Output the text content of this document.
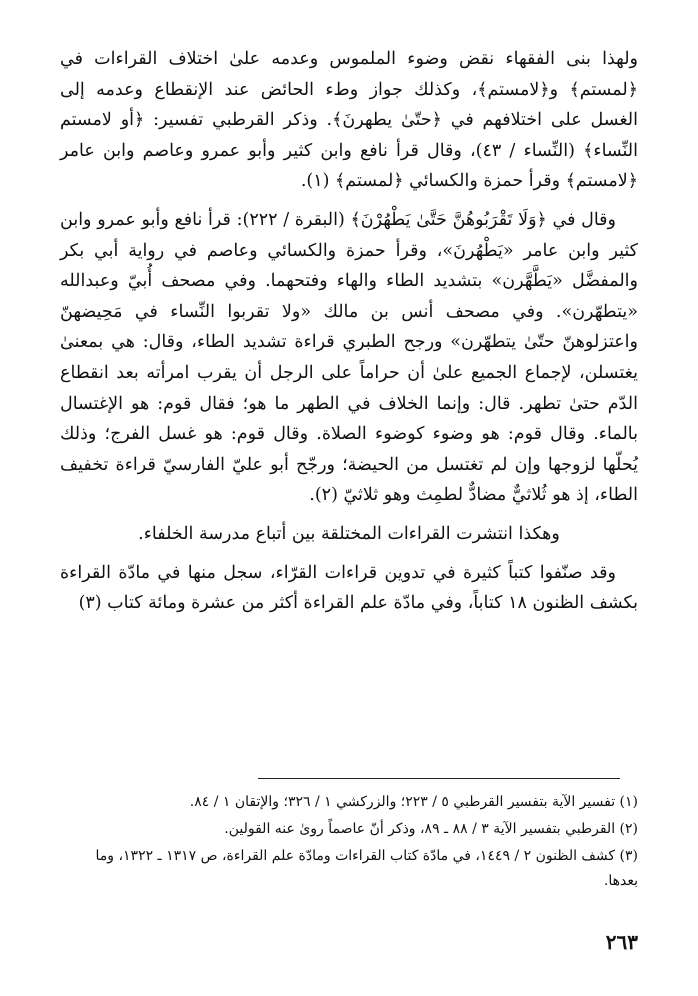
ولهذا بنى الفقهاء نقض وضوء الملموس وعدمه علىٰ اختلاف القراءات في ﴿لمستم﴾ و﴿لامستم﴾، وكذلك جواز وطء الحائض عند الإنقطاع وعدمه إلى الغسل على اختلافهم في ﴿حتّىٰ يطهرنَ﴾. وذكر القرطبي تفسير: ﴿أو لامستم النِّساء﴾ (النِّساء / ٤٣)، وقال قرأ نافع وابن كثير وأبو عمرو وعاصم وابن عامر ﴿لامستم﴾ وقرأ حمزة والكسائي ﴿لمستم﴾ (١).

وقال في ﴿وَلَا تَقْرَبُوهُنَّ حَتَّىٰ يَطْهُرْنَ﴾ (البقرة / ٢٢٢): قرأ نافع وأبو عمرو وابن كثير وابن عامر «يَطْهُرنَ»، وقرأ حمزة والكسائي وعاصم في رواية أبي بكر والمفضَّل «يَطَّهَّرن» بتشديد الطاء والهاء وفتحهما. وفي مصحف أُبيّ وعبدالله «يتطهّرن». وفي مصحف أنس بن مالك «ولا تقربوا النِّساء في مَحِيضهنّ واعتزلوهنّ حتّىٰ يتطهّرن» ورجح الطبري قراءة تشديد الطاء، وقال: هي بمعنىٰ يغتسلن، لإجماع الجميع علىٰ أن حراماً على الرجل أن يقرب امرأته بعد انقطاع الدّم حتىٰ تطهر. قال: وإنما الخلاف في الطهر ما هو؛ فقال قوم: هو الإغتسال بالماء. وقال قوم: هو وضوء كوضوء الصلاة. وقال قوم: هو غسل الفرج؛ وذلك يُحلّها لزوجها وإن لم تغتسل من الحيضة؛ ورجّح أبو عليّ الفارسيّ قراءة تخفيف الطاء، إذ هو ثُلاثيٌّ مضادٌّ لطمِث وهو ثلاثيّ (٢).

وهكذا انتشرت القراءات المختلقة بين أتباع مدرسة الخلفاء.

وقد صنّفوا كتباً كثيرة في تدوين قراءات القرّاء، سجل منها في مادّة القراءة بكشف الظنون ١٨ كتاباً، وفي مادّة علم القراءة أكثر من عشرة ومائة كتاب (٣)

(١) تفسير الآية بتفسير القرطبي ٥ / ٢٢٣؛ والزركشي ١ / ٣٢٦؛ والإتقان ١ / ٨٤.

(٢) القرطبي بتفسير الآية ٣ / ٨٨ ـ ٨٩، وذكر أنّ عاصماً روىٰ عنه القولين.

(٣) كشف الظنون ٢ / ١٤٤٩، في مادّة كتاب القراءات ومادّة علم القراءة، ص ١٣١٧ ـ ١٣٢٢، وما بعدها.

٢٦٣
